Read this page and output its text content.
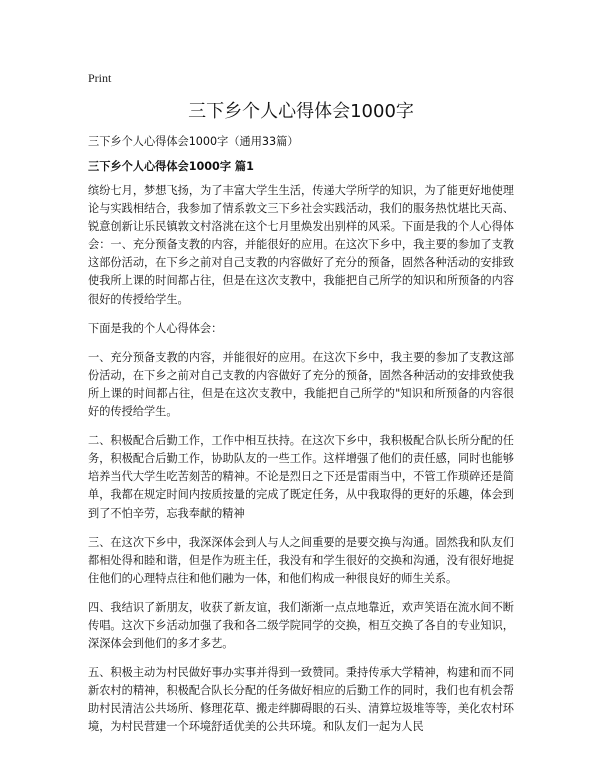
Print
三下乡个人心得体会1000字
三下乡个人心得体会1000字（通用33篇）
三下乡个人心得体会1000字 篇1

缤纷七月，梦想飞扬，为了丰富大学生生活，传递大学所学的知识，为了能更好地使理论与实践相结合，我参加了情系敦文三下乡社会实践活动，我们的服务热忱堪比天高、锐意创新让乐民镇敦文村洛洮在这个七月里焕发出别样的风采。下面是我的个人心得体会：一、充分预备支教的内容，并能很好的应用。在这次下乡中，我主要的参加了支教这部份活动，在下乡之前对自己支教的内容做好了充分的预备，固然各种活动的安排致使我所上课的时间都占往，但是在这次支教中，我能把自己所学的知识和所预备的内容很好的传授给学生。

下面是我的个人心得体会：

一、充分预备支教的内容，并能很好的应用。在这次下乡中，我主要的参加了支教这部份活动，在下乡之前对自己支教的内容做好了充分的预备，固然各种活动的安排致使我所上课的时间都占往，但是在这次支教中，我能把自己所学的"知识和所预备的内容很好的传授给学生。

二、积极配合后勤工作，工作中相互扶持。在这次下乡中，我积极配合队长所分配的任务，积极配合后勤工作，协助队友的一些工作。这样增强了他们的责任感，同时也能够培养当代大学生吃苦刻苦的精神。不论是烈日之下还是雷雨当中，不管工作琐碎还是简单，我都在规定时间内按质按量的完成了既定任务，从中我取得的更好的乐趣，体会到到了不怕辛劳，忘我奉献的精神

三、在这次下乡中，我深深体会到人与人之间重要的是要交换与沟通。固然我和队友们都相处得和睦和谐，但是作为班主任，我没有和学生很好的交换和沟通，没有很好地捉住他们的心理特点往和他们融为一体，和他们构成一种很良好的师生关系。

四、我结识了新朋友，收获了新友谊，我们渐渐一点点地靠近，欢声笑语在流水间不断传唱。这次下乡活动加强了我和各二级学院同学的交换，相互交换了各自的专业知识，深深体会到他们的多才多艺。

五、积极主动为村民做好事办实事并得到一致赞同。秉持传承大学精神，构建和而不同新农村的精神，积极配合队长分配的任务做好相应的后勤工作的同时，我们也有机会帮助村民清洁公共场所、修理花草、搬走绊脚碍眼的石头、清算垃圾堆等等，美化农村环境，为村民营建一个环境舒适优美的公共环境。和队友们一起为人民
